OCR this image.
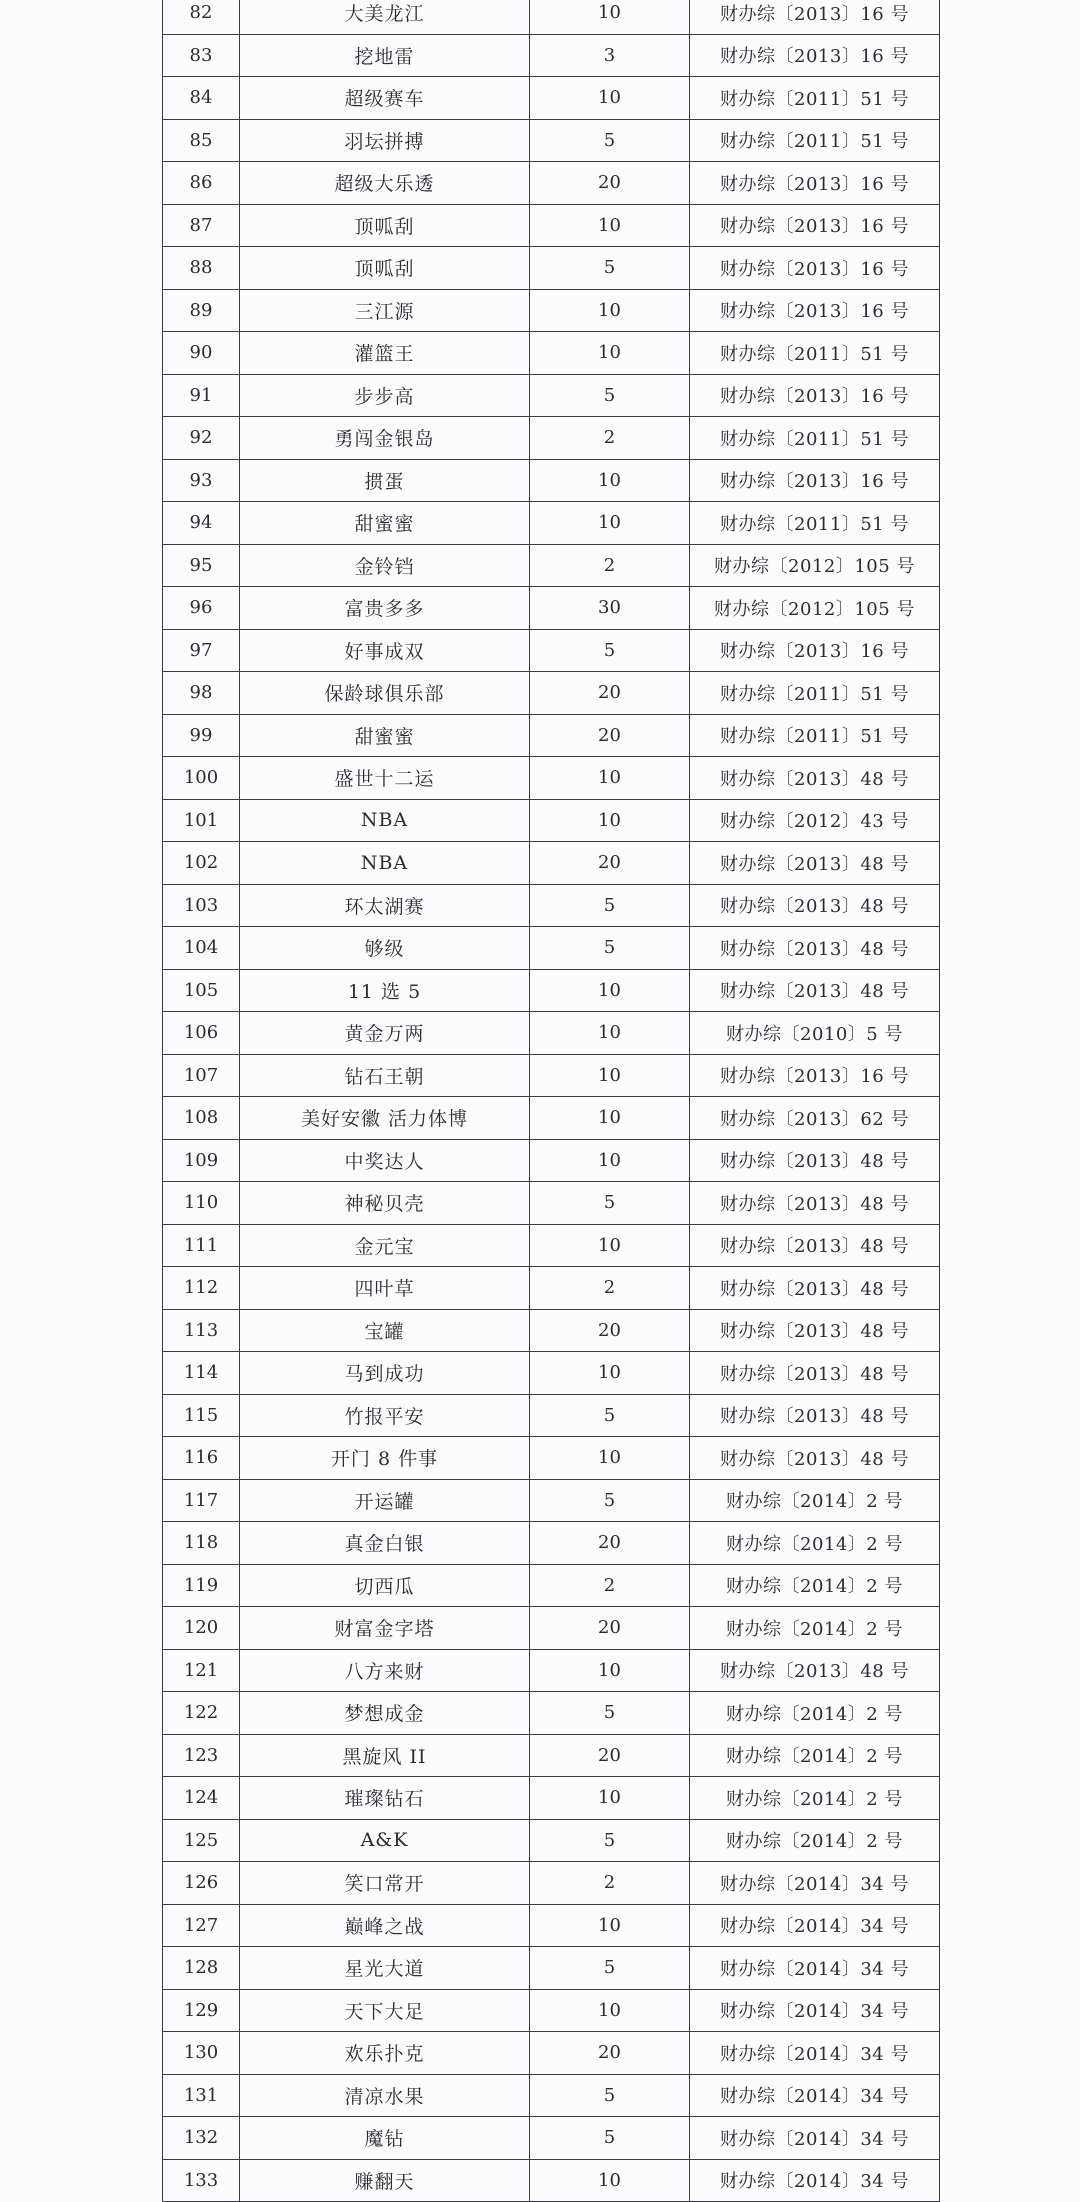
82	大美龙江	10	财办综〔2013〕16 号
83	挖地雷	3	财办综〔2013〕16 号
84	超级赛车	10	财办综〔2011〕51 号
85	羽坛拼搏	5	财办综〔2011〕51 号
86	超级大乐透	20	财办综〔2013〕16 号
87	顶呱刮	10	财办综〔2013〕16 号
88	顶呱刮	5	财办综〔2013〕16 号
89	三江源	10	财办综〔2013〕16 号
90	灌篮王	10	财办综〔2011〕51 号
91	步步高	5	财办综〔2013〕16 号
92	勇闯金银岛	2	财办综〔2011〕51 号
93	掼蛋	10	财办综〔2013〕16 号
94	甜蜜蜜	10	财办综〔2011〕51 号
95	金铃铛	2	财办综〔2012〕105 号
96	富贵多多	30	财办综〔2012〕105 号
97	好事成双	5	财办综〔2013〕16 号
98	保龄球俱乐部	20	财办综〔2011〕51 号
99	甜蜜蜜	20	财办综〔2011〕51 号
100	盛世十二运	10	财办综〔2013〕48 号
101	NBA	10	财办综〔2012〕43 号
102	NBA	20	财办综〔2013〕48 号
103	环太湖赛	5	财办综〔2013〕48 号
104	够级	5	财办综〔2013〕48 号
105	11 选 5	10	财办综〔2013〕48 号
106	黄金万两	10	财办综〔2010〕5 号
107	钻石王朝	10	财办综〔2013〕16 号
108	美好安徽 活力体博	10	财办综〔2013〕62 号
109	中奖达人	10	财办综〔2013〕48 号
110	神秘贝壳	5	财办综〔2013〕48 号
111	金元宝	10	财办综〔2013〕48 号
112	四叶草	2	财办综〔2013〕48 号
113	宝罐	20	财办综〔2013〕48 号
114	马到成功	10	财办综〔2013〕48 号
115	竹报平安	5	财办综〔2013〕48 号
116	开门 8 件事	10	财办综〔2013〕48 号
117	开运罐	5	财办综〔2014〕2 号
118	真金白银	20	财办综〔2014〕2 号
119	切西瓜	2	财办综〔2014〕2 号
120	财富金字塔	20	财办综〔2014〕2 号
121	八方来财	10	财办综〔2013〕48 号
122	梦想成金	5	财办综〔2014〕2 号
123	黑旋风 II	20	财办综〔2014〕2 号
124	璀璨钻石	10	财办综〔2014〕2 号
125	A&K	5	财办综〔2014〕2 号
126	笑口常开	2	财办综〔2014〕34 号
127	巅峰之战	10	财办综〔2014〕34 号
128	星光大道	5	财办综〔2014〕34 号
129	天下大足	10	财办综〔2014〕34 号
130	欢乐扑克	20	财办综〔2014〕34 号
131	清凉水果	5	财办综〔2014〕34 号
132	魔钻	5	财办综〔2014〕34 号
133	赚翻天	10	财办综〔2014〕34 号
